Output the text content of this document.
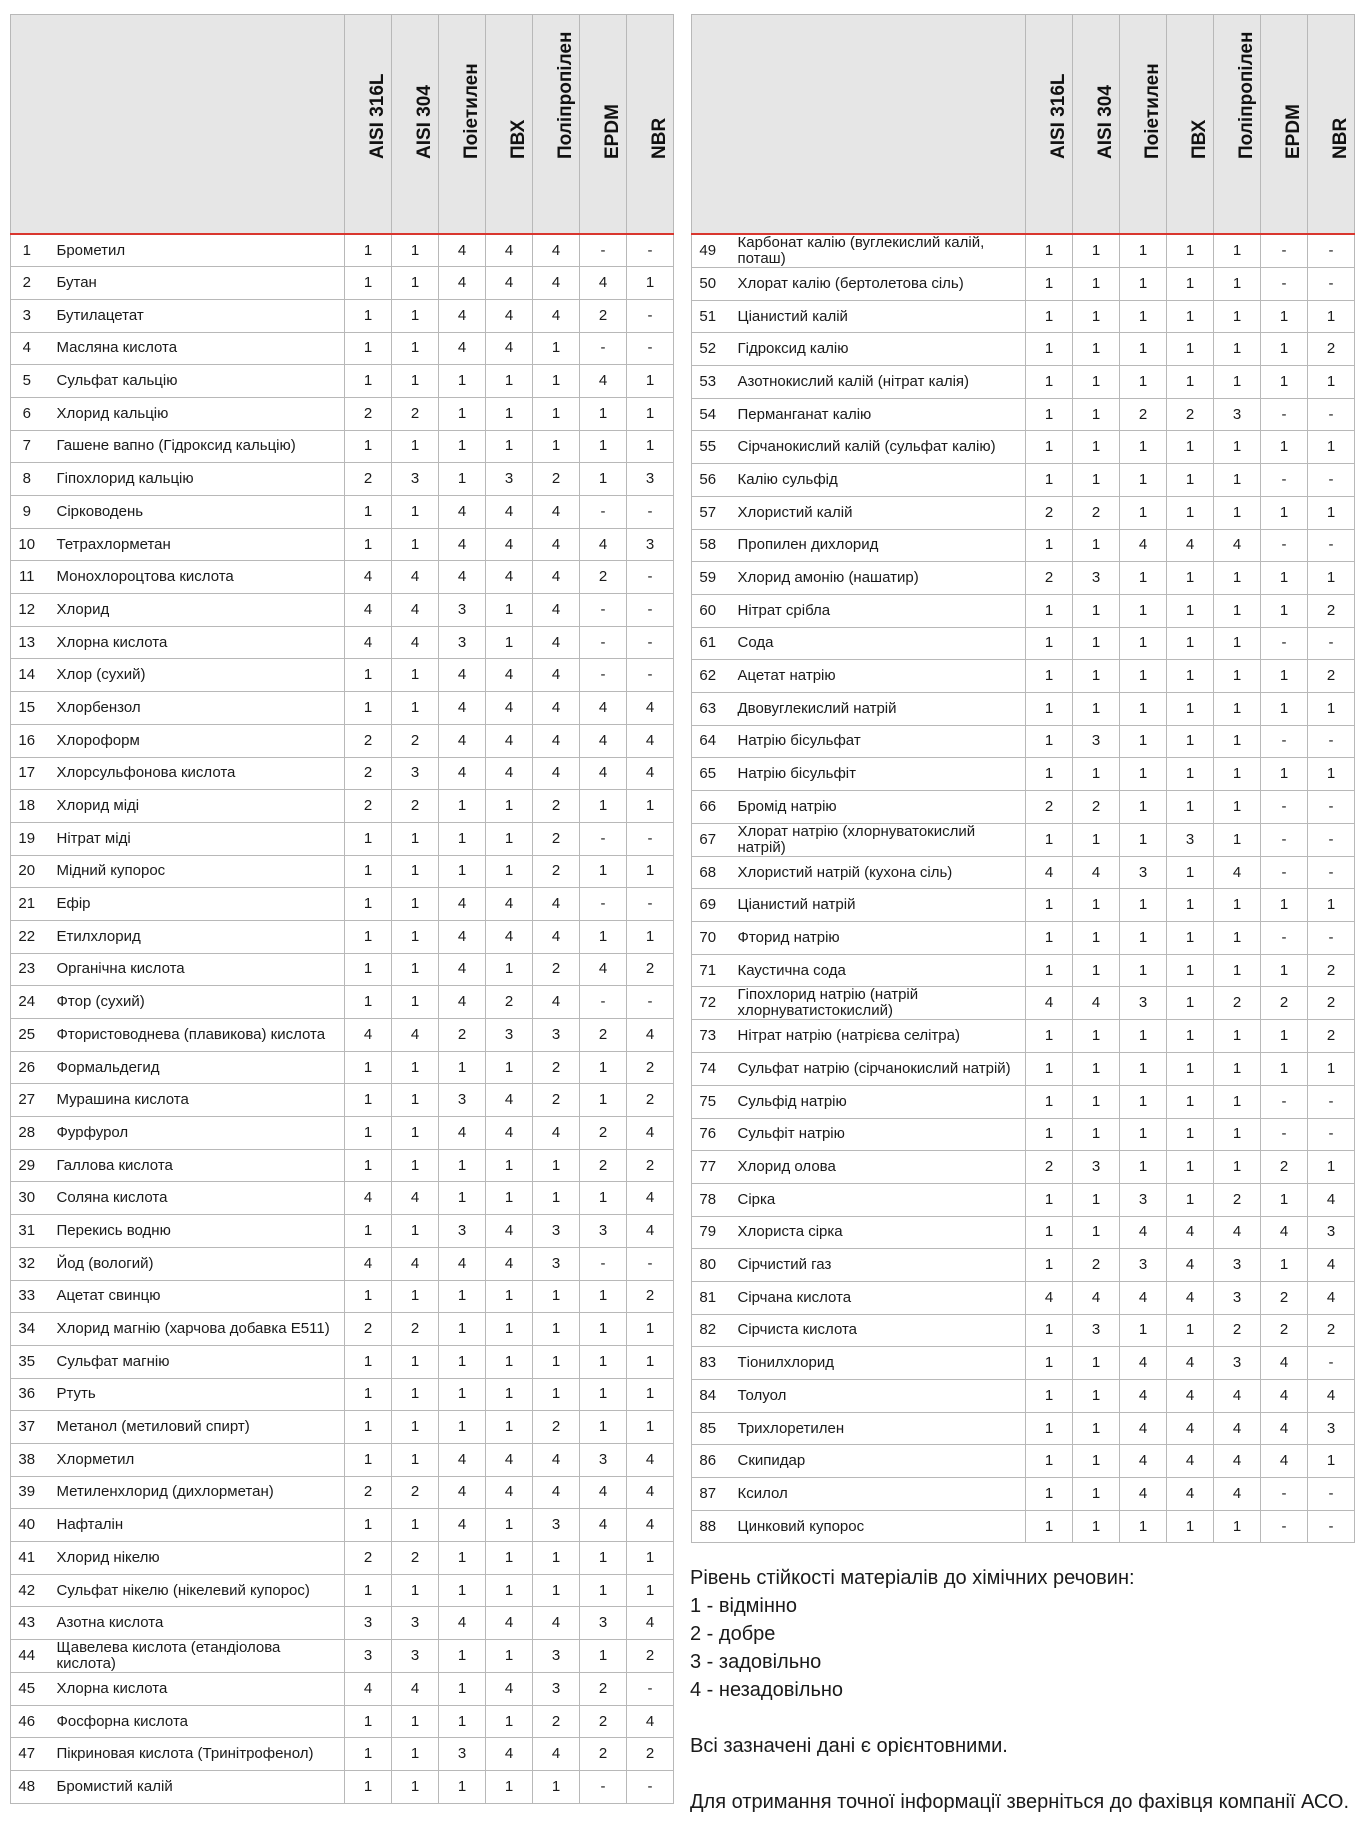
		AISI 316L	AISI 304	Поіетилен	ПВХ	Поліпропілен	EPDM	NBR

1	Брометил	1	1	4	4	4	-	-
2	Бутан	1	1	4	4	4	4	1
3	Бутилацетат	1	1	4	4	4	2	-
4	Масляна кислота	1	1	4	4	1	-	-
5	Сульфат кальцію	1	1	1	1	1	4	1
6	Хлорид кальцію	2	2	1	1	1	1	1
7	Гашене вапно (Гідроксид кальцію)	1	1	1	1	1	1	1
8	Гіпохлорид кальцію	2	3	1	3	2	1	3
9	Сірководень	1	1	4	4	4	-	-
10	Тетрахлорметан	1	1	4	4	4	4	3
11	Монохлороцтова кислота	4	4	4	4	4	2	-
12	Хлорид	4	4	3	1	4	-	-
13	Хлорна кислота	4	4	3	1	4	-	-
14	Хлор (сухий)	1	1	4	4	4	-	-
15	Хлорбензол	1	1	4	4	4	4	4
16	Хлороформ	2	2	4	4	4	4	4
17	Хлорсульфонова кислота	2	3	4	4	4	4	4
18	Хлорид міді	2	2	1	1	2	1	1
19	Нітрат міді	1	1	1	1	2	-	-
20	Мідний купорос	1	1	1	1	2	1	1
21	Ефір	1	1	4	4	4	-	-
22	Етилхлорид	1	1	4	4	4	1	1
23	Органічна кислота	1	1	4	1	2	4	2
24	Фтор (сухий)	1	1	4	2	4	-	-
25	Фтористоводнева (плавикова) кислота	4	4	2	3	3	2	4
26	Формальдегид	1	1	1	1	2	1	2
27	Мурашина кислота	1	1	3	4	2	1	2
28	Фурфурол	1	1	4	4	4	2	4
29	Галлова кислота	1	1	1	1	1	2	2
30	Соляна кислота	4	4	1	1	1	1	4
31	Перекись водню	1	1	3	4	3	3	4
32	Йод (вологий)	4	4	4	4	3	-	-
33	Ацетат свинцю	1	1	1	1	1	1	2
34	Хлорид магнію (харчова добавка Е511)	2	2	1	1	1	1	1
35	Сульфат магнію	1	1	1	1	1	1	1
36	Ртуть	1	1	1	1	1	1	1
37	Метанол (метиловий спирт)	1	1	1	1	2	1	1
38	Хлорметил	1	1	4	4	4	3	4
39	Метиленхлорид (дихлорметан)	2	2	4	4	4	4	4
40	Нафталін	1	1	4	1	3	4	4
41	Хлорид нікелю	2	2	1	1	1	1	1
42	Сульфат нікелю (нікелевий купорос)	1	1	1	1	1	1	1
43	Азотна кислота	3	3	4	4	4	3	4
44	Щавелева кислота (етандіолова кислота)	3	3	1	1	3	1	2
45	Хлорна кислота	4	4	1	4	3	2	-
46	Фосфорна кислота	1	1	1	1	2	2	4
47	Пікриновая кислота (Тринітрофенол)	1	1	3	4	4	2	2
48	Бромистий калій	1	1	1	1	1	-	-

		AISI 316L	AISI 304	Поіетилен	ПВХ	Поліпропілен	EPDM	NBR

49	Карбонат калію (вуглекислий калій, поташ)	1	1	1	1	1	-	-
50	Хлорат калію (бертолетова сіль)	1	1	1	1	1	-	-
51	Ціанистий калій	1	1	1	1	1	1	1
52	Гідроксид калію	1	1	1	1	1	1	2
53	Азотнокислий калій (нітрат калія)	1	1	1	1	1	1	1
54	Перманганат калію	1	1	2	2	3	-	-
55	Сірчанокислий калій (сульфат калію)	1	1	1	1	1	1	1
56	Калію сульфід	1	1	1	1	1	-	-
57	Хлористий калій	2	2	1	1	1	1	1
58	Пропилен дихлорид	1	1	4	4	4	-	-
59	Хлорид амонію (нашатир)	2	3	1	1	1	1	1
60	Нітрат срібла	1	1	1	1	1	1	2
61	Сода	1	1	1	1	1	-	-
62	Ацетат натрію	1	1	1	1	1	1	2
63	Двовуглекислий натрій	1	1	1	1	1	1	1
64	Натрію бісульфат	1	3	1	1	1	-	-
65	Натрію бісульфіт	1	1	1	1	1	1	1
66	Бромід натрію	2	2	1	1	1	-	-
67	Хлорат натрію (хлорнуватокислий натрій)	1	1	1	3	1	-	-
68	Хлористий натрій (кухона сіль)	4	4	3	1	4	-	-
69	Ціанистий натрій	1	1	1	1	1	1	1
70	Фторид натрію	1	1	1	1	1	-	-
71	Каустична сода	1	1	1	1	1	1	2
72	Гіпохлорид натрію (натрій хлорнуватистокислий)	4	4	3	1	2	2	2
73	Нітрат натрію (натрієва селітра)	1	1	1	1	1	1	2
74	Сульфат натрію (сірчанокислий натрій)	1	1	1	1	1	1	1
75	Сульфід натрію	1	1	1	1	1	-	-
76	Сульфіт натрію	1	1	1	1	1	-	-
77	Хлорид олова	2	3	1	1	1	2	1
78	Сірка	1	1	3	1	2	1	4
79	Хлориста сірка	1	1	4	4	4	4	3
80	Сірчистий газ	1	2	3	4	3	1	4
81	Сірчана кислота	4	4	4	4	3	2	4
82	Сірчиста кислота	1	3	1	1	2	2	2
83	Тіонилхлорид	1	1	4	4	3	4	-
84	Толуол	1	1	4	4	4	4	4
85	Трихлоретилен	1	1	4	4	4	4	3
86	Скипидар	1	1	4	4	4	4	1
87	Ксилол	1	1	4	4	4	-	-
88	Цинковий купорос	1	1	1	1	1	-	-
Рівень стійкості матеріалів до хімічних речовин:
1 - відмінно
2 - добре
3 - задовільно
4 - незадовільно
Всі зазначені дані є орієнтовними.
Для отримання точної інформації зверніться до фахівця компанії АСО.
